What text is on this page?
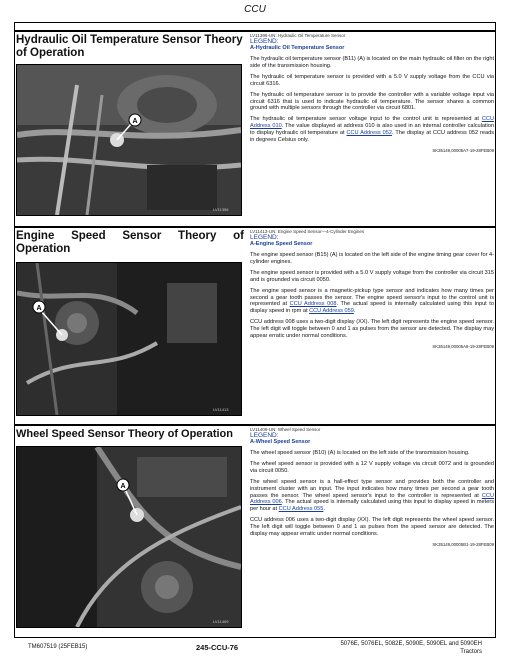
CCU
Hydraulic Oil Temperature Sensor Theory of Operation
A
LV11396
LV11396-UN: Hydraulic Oil Temperature Sensor
LEGEND:
A-Hydraulic Oil Temperature Sensor

The hydraulic oil temperature sensor (B11) (A) is located on the main hydraulic oil filter on the right side of the transmission housing.

The hydraulic oil temperature sensor is provided with a 5.0 V supply voltage from the CCU via circuit 6316.

The hydraulic oil temperature sensor is to provide the controller with a variable voltage input via circuit 6316 that is used to indicate hydraulic oil temperature. The sensor shares a common ground with multiple sensors through the controller via circuit 6801.

The hydraulic oil temperature sensor voltage input to the control unit is represented at CCU Address 010. The value displayed at address 010 is also used in an internal controller calculation to display hydraulic oil temperature at CCU Address 052. The display at CCU address 052 reads in degrees Celsius only.

SK35149,00005A7-19-28FEB09
Engine Speed Sensor Theory of Operation
A
LV11413
LV11413-UN: Engine Speed Sensor—4-Cylinder Engines
LEGEND:
A-Engine Speed Sensor

The engine speed sensor (B15) (A) is located on the left side of the engine timing gear cover for 4-cylinder engines.

The engine speed sensor is provided with a 5.0 V supply voltage from the controller via circuit 315 and is grounded via circuit 0050.

The engine speed sensor is a magnetic-pickup type sensor and indicates how many times per second a gear tooth passes the sensor. The engine speed sensor's input to the control unit is represented at CCU Address 008. The actual speed is internally calculated using this input to display speed in rpm at CCU Address 059.

CCU address 008 uses a two-digit display (XX). The left digit represents the engine speed sensor. The left digit will toggle between 0 and 1 as pulses from the sensor are detected. The display may appear erratic under normal conditions.

SK35149,00005A8-19-28FEB09
Wheel Speed Sensor Theory of Operation
A
LV11409
LV11409-UN: Wheel Speed Sensor
LEGEND:
A-Wheel Speed Sensor

The wheel speed sensor (B10) (A) is located on the left side of the transmission housing.

The wheel speed sensor is provided with a 12 V supply voltage via circuit 0072 and is grounded via circuit 0050.

The wheel speed sensor is a hall-effect type sensor and provides both the controller and instrument cluster with an input. The input indicates how many times per second a gear tooth passes the sensor. The wheel speed sensor's input to the controller is represented at CCU Address 006. The actual speed is internally calculated using this input to display speed in meters per hour at CCU Address 055.

CCU address 006 uses a two-digit display (XX). The left digit represents the wheel speed sensor. The left digit will toggle between 0 and 1 as pulses from the speed sensor are detected. The display may appear erratic under normal conditions.

SK35149,00005B1-19-28FEB09
TM607519 (25FEB15)	245-CCU-76	5076E, 5076EL, 5082E, 5090E, 5090EL and 5090EH
Tractors
